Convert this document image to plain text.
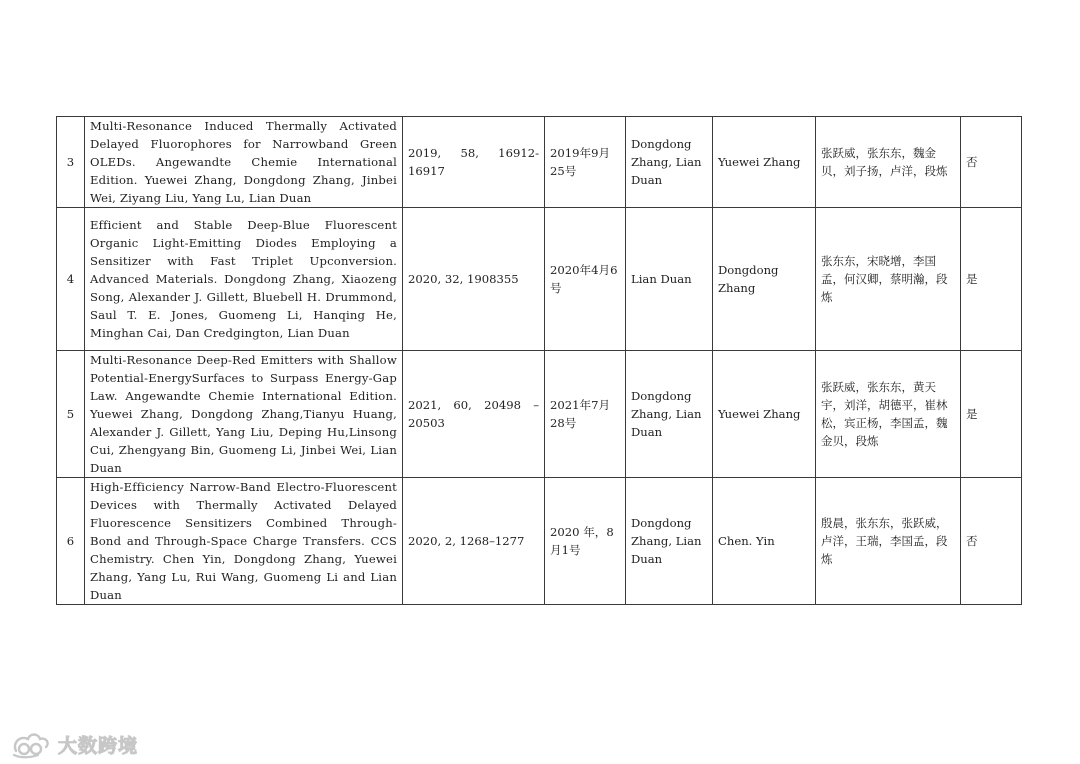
3	Multi-Resonance Induced Thermally Activated Delayed Fluorophores for Narrowband Green OLEDs. Angewandte Chemie International Edition. Yuewei Zhang, Dongdong Zhang, Jinbei Wei, Ziyang Liu, Yang Lu, Lian Duan	2019, 58, 16912-16917	2019年9月25号	Dongdong Zhang, Lian Duan	Yuewei Zhang	张跃威，张东东，魏金贝，刘子扬，卢洋，段炼	否
4	Efficient and Stable Deep-Blue Fluorescent Organic Light-Emitting Diodes Employing a Sensitizer with Fast Triplet Upconversion. Advanced Materials. Dongdong Zhang, Xiaozeng Song, Alexander J. Gillett, Bluebell H. Drummond, Saul T. E. Jones, Guomeng Li, Hanqing He, Minghan Cai, Dan Credgington, Lian Duan	2020, 32, 1908355	2020年4月6号	Lian Duan	Dongdong Zhang	张东东，宋晓增，李国孟，何汉卿，蔡明瀚，段炼	是
5	Multi-Resonance Deep-Red Emitters with Shallow Potential-EnergySurfaces to Surpass Energy-Gap Law. Angewandte Chemie International Edition. Yuewei Zhang, Dongdong Zhang,Tianyu Huang, Alexander J. Gillett, Yang Liu, Deping Hu,Linsong Cui, Zhengyang Bin, Guomeng Li, Jinbei Wei, Lian Duan	2021, 60, 20498 – 20503	2021年7月28号	Dongdong Zhang, Lian Duan	Yuewei Zhang	张跃威，张东东，黄天宇，刘洋，胡德平，崔林松，宾正杨，李国孟，魏金贝，段炼	是
6	High-Efficiency Narrow-Band Electro-Fluorescent Devices with Thermally Activated Delayed Fluorescence Sensitizers Combined Through-Bond and Through-Space Charge Transfers. CCS Chemistry. Chen Yin, Dongdong Zhang, Yuewei Zhang, Yang Lu, Rui Wang, Guomeng Li and Lian Duan	2020, 2, 1268–1277	2020 年，8月1号	Dongdong Zhang, Lian Duan	Chen. Yin	殷晨，张东东，张跃威，卢洋，王瑞，李国孟，段炼	否
大数跨境
